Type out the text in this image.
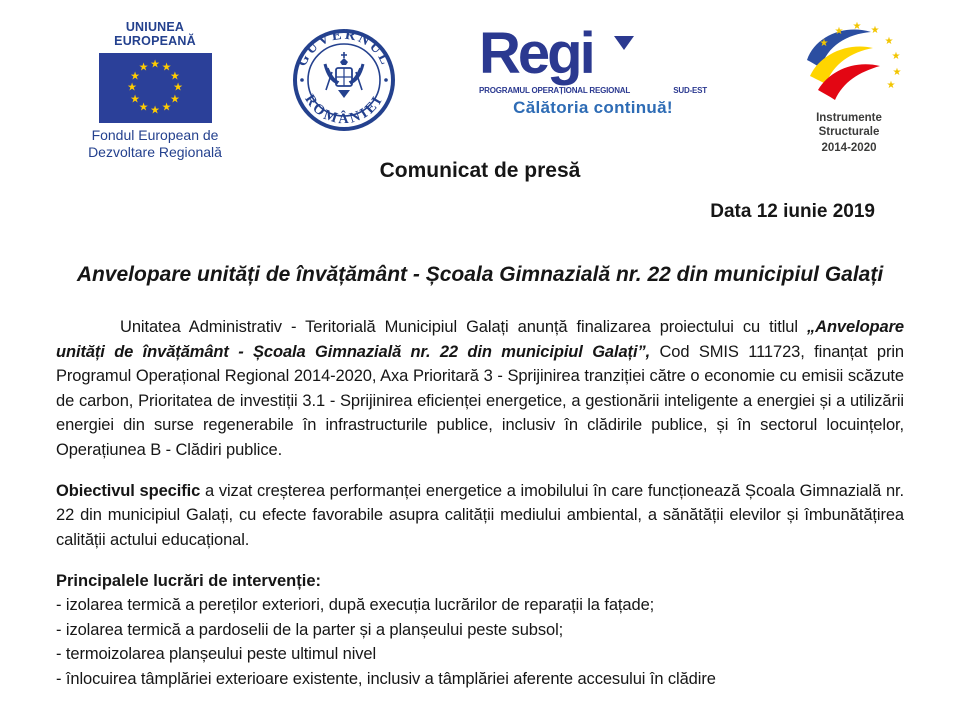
UNIUNEA EUROPEANĂ
★ ★
★
★
★
★
★
★
★
★
★
★
Fondul European de
Dezvoltare Regională
GUVERNUL
ROMÂNIEI
Regi
PROGRAMUL OPERAȚIONAL REGIONAL	SUD-EST
Călătoria continuă!
★
★ ★ ★
★
★
★
★
Instrumente Structurale
2014-2020
Comunicat de presă
Data 12 iunie 2019
Anvelopare unități de învățământ - Școala Gimnazială nr. 22 din municipiul Galați

Unitatea Administrativ - Teritorială Municipiul Galați anunță finalizarea proiectului cu titlul „Anvelopare unități de învățământ - Școala Gimnazială nr. 22 din municipiul Galați”, Cod SMIS 111723, finanțat prin Programul Operațional Regional 2014-2020, Axa Prioritară 3 - Sprijinirea tranziției către o economie cu emisii scăzute de carbon, Prioritatea de investiții 3.1 - Sprijinirea eficienței energetice, a gestionării inteligente a energiei și a utilizării energiei din surse regenerabile în infrastructurile publice, inclusiv în clădirile publice, și în sectorul locuințelor, Operațiunea B - Clădiri publice.

Obiectivul specific a vizat creșterea performanței energetice a imobilului în care funcționează Școala Gimnazială nr. 22 din municipiul Galați, cu efecte favorabile asupra calității mediului ambiental, a sănătății elevilor și îmbunătățirea calității actului educațional.

Principalele lucrări de intervenție:
- izolarea termică a pereților exteriori, după execuția lucrărilor de reparații la fațade;
- izolarea termică a pardoselii de la parter și a planșeului peste subsol;
- termoizolarea planșeului peste ultimul nivel
- înlocuirea tâmplăriei exterioare existente, inclusiv a tâmplăriei aferente accesului în clădire
